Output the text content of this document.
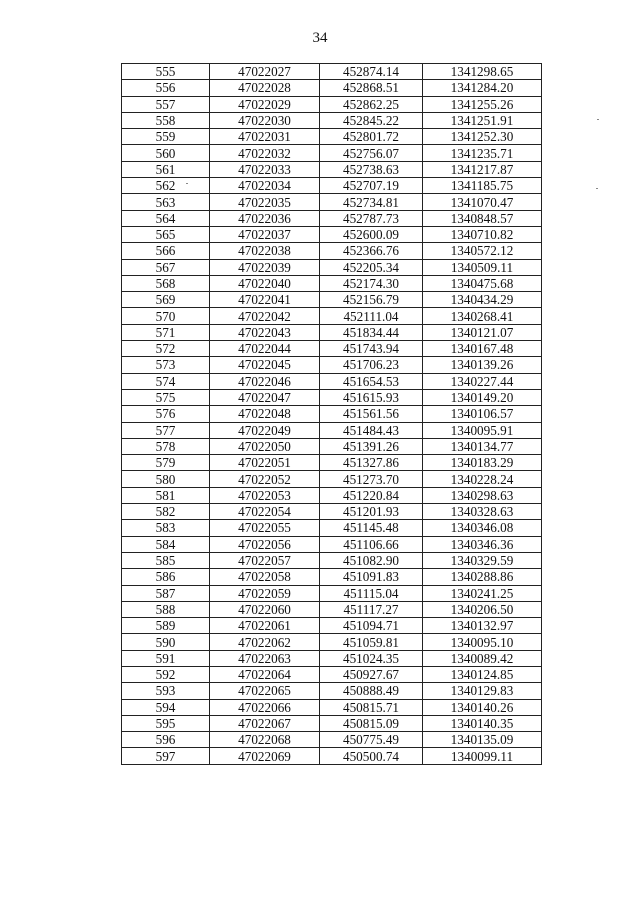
34
555	47022027	452874.14	1341298.65
556	47022028	452868.51	1341284.20
557	47022029	452862.25	1341255.26
558	47022030	452845.22	1341251.91
559	47022031	452801.72	1341252.30
560	47022032	452756.07	1341235.71
561	47022033	452738.63	1341217.87
562	47022034	452707.19	1341185.75
563	47022035	452734.81	1341070.47
564	47022036	452787.73	1340848.57
565	47022037	452600.09	1340710.82
566	47022038	452366.76	1340572.12
567	47022039	452205.34	1340509.11
568	47022040	452174.30	1340475.68
569	47022041	452156.79	1340434.29
570	47022042	452111.04	1340268.41
571	47022043	451834.44	1340121.07
572	47022044	451743.94	1340167.48
573	47022045	451706.23	1340139.26
574	47022046	451654.53	1340227.44
575	47022047	451615.93	1340149.20
576	47022048	451561.56	1340106.57
577	47022049	451484.43	1340095.91
578	47022050	451391.26	1340134.77
579	47022051	451327.86	1340183.29
580	47022052	451273.70	1340228.24
581	47022053	451220.84	1340298.63
582	47022054	451201.93	1340328.63
583	47022055	451145.48	1340346.08
584	47022056	451106.66	1340346.36
585	47022057	451082.90	1340329.59
586	47022058	451091.83	1340288.86
587	47022059	451115.04	1340241.25
588	47022060	451117.27	1340206.50
589	47022061	451094.71	1340132.97
590	47022062	451059.81	1340095.10
591	47022063	451024.35	1340089.42
592	47022064	450927.67	1340124.85
593	47022065	450888.49	1340129.83
594	47022066	450815.71	1340140.26
595	47022067	450815.09	1340140.35
596	47022068	450775.49	1340135.09
597	47022069	450500.74	1340099.11
